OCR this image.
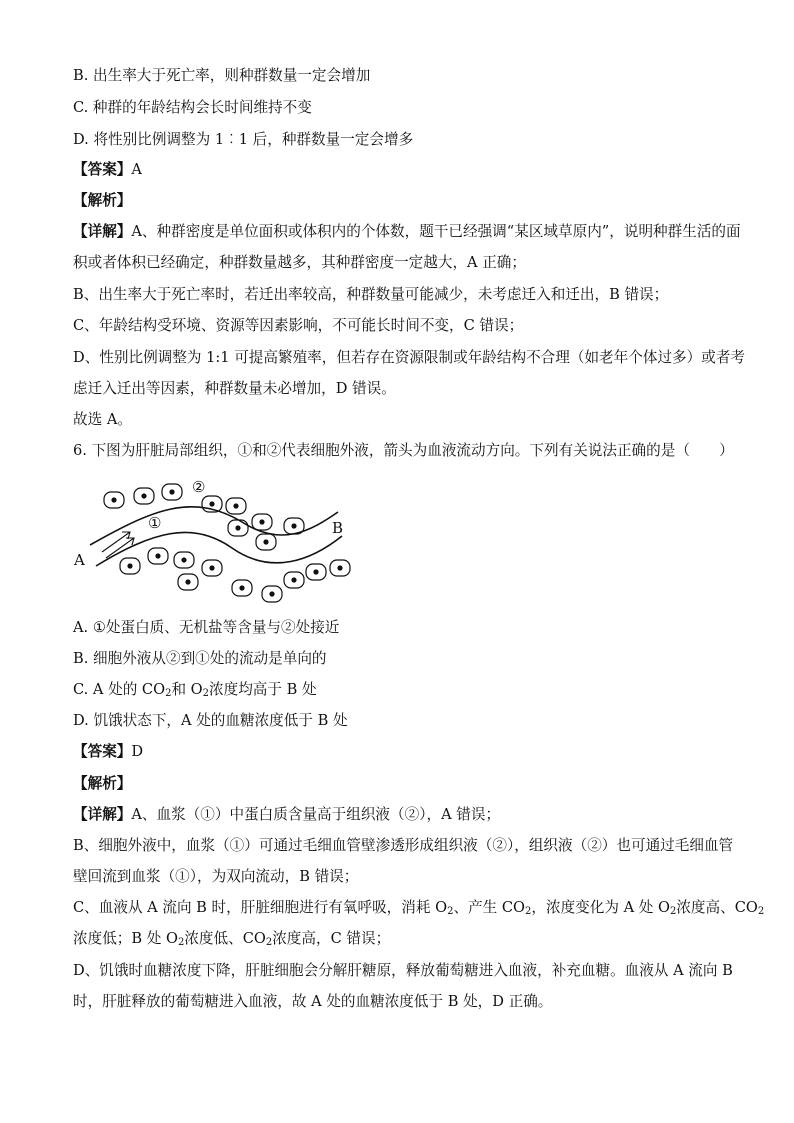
B. 出生率大于死亡率，则种群数量一定会增加
C. 种群的年龄结构会长时间维持不变
D. 将性别比例调整为 1︰1 后，种群数量一定会增多
【答案】A
【解析】
【详解】A、种群密度是单位面积或体积内的个体数，题干已经强调“某区域草原内”，说明种群生活的面
积或者体积已经确定，种群数量越多，其种群密度一定越大，A 正确；
B、出生率大于死亡率时，若迁出率较高，种群数量可能减少，未考虑迁入和迁出，B 错误；
C、年龄结构受环境、资源等因素影响，不可能长时间不变，C 错误；
D、性别比例调整为 1:1 可提高繁殖率，但若存在资源限制或年龄结构不合理（如老年个体过多）或者考
虑迁入迁出等因素，种群数量未必增加，D 错误。
故选 A。
6. 下图为肝脏局部组织，①和②代表细胞外液，箭头为血液流动方向。下列有关说法正确的是（　　）
A
B
①
②
A. ①处蛋白质、无机盐等含量与②处接近
B. 细胞外液从②到①处的流动是单向的
C. A 处的 $CO_2$和 $O_2$浓度均高于 B 处
D. 饥饿状态下，A 处的血糖浓度低于 B 处
【答案】D
【解析】
【详解】A、血浆（①）中蛋白质含量高于组织液（②），A 错误；
B、细胞外液中，血浆（①）可通过毛细血管壁渗透形成组织液（②），组织液（②）也可通过毛细血管
壁回流到血浆（①），为双向流动，B 错误；
C、血液从 A 流向 B 时，肝脏细胞进行有氧呼吸，消耗 $O_2$、产生 $CO_2$，浓度变化为 A 处 $O_2$浓度高、$CO_2$
浓度低；B 处 $O_2$浓度低、$CO_2$浓度高，C 错误；
D、饥饿时血糖浓度下降，肝脏细胞会分解肝糖原，释放葡萄糖进入血液，补充血糖。血液从 A 流向 B
时，肝脏释放的葡萄糖进入血液，故 A 处的血糖浓度低于 B 处，D 正确。
